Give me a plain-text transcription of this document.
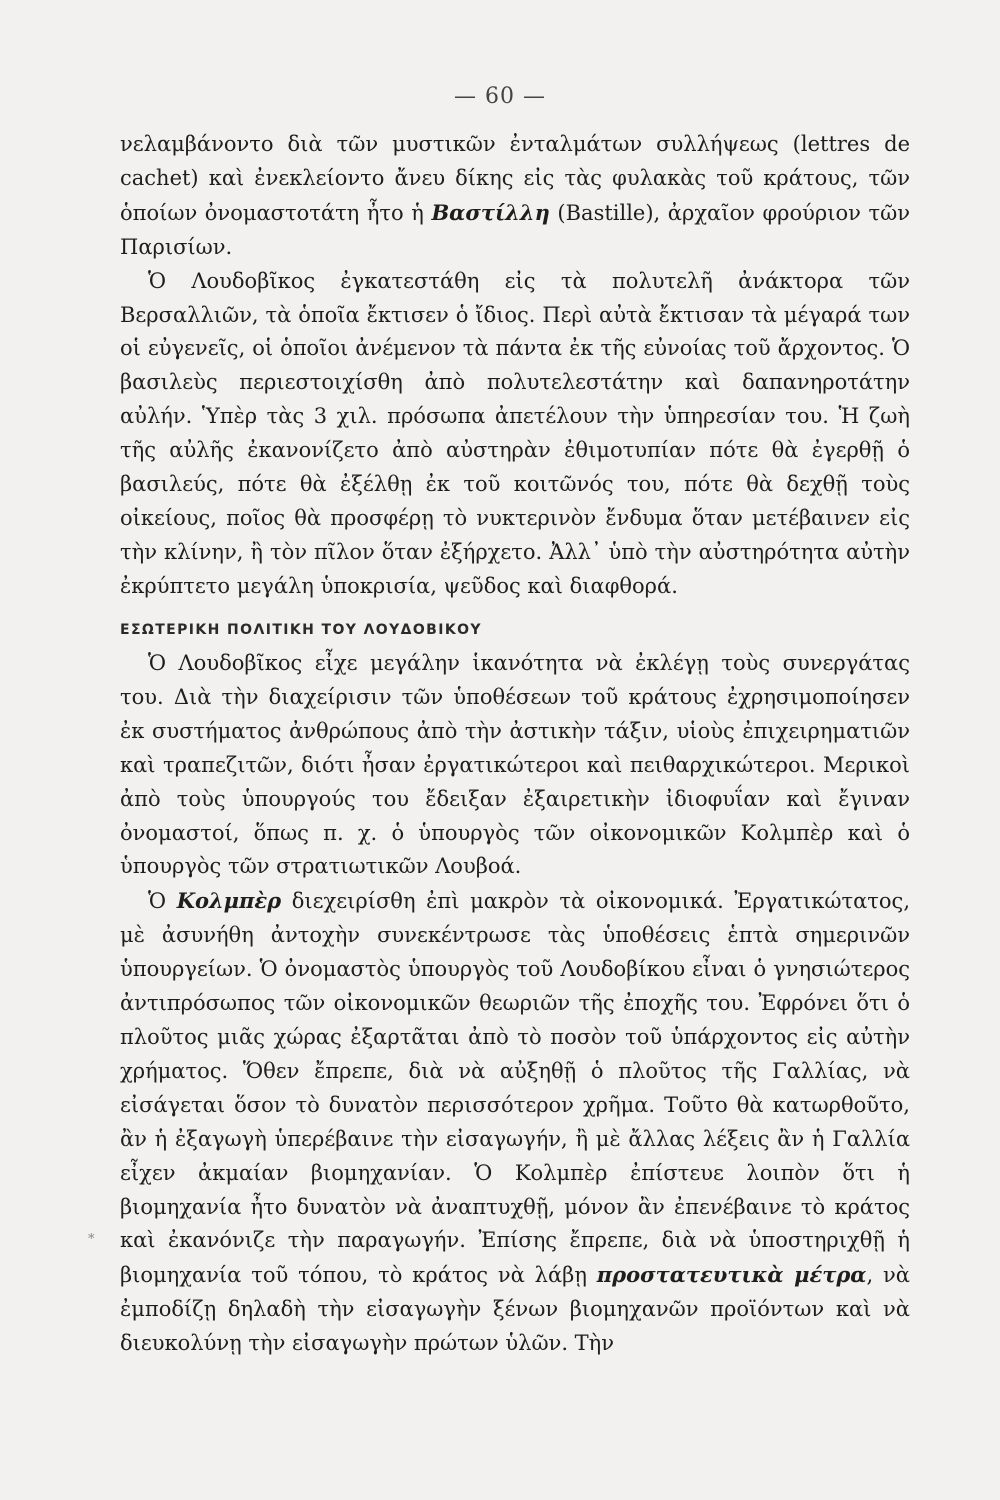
— 60 —

νελαμβάνοντο διὰ τῶν μυστικῶν ἐνταλμάτων συλλήψεως (lettres de cachet) καὶ ἐνεκλείοντο ἄνευ δίκης εἰς τὰς φυλακὰς τοῦ κράτους, τῶν ὁποίων ὀνομαστοτάτη ἦτο ἡ Βαστίλλη (Bastille), ἀρχαῖον φρούριον τῶν Παρισίων.

Ὁ Λουδοβῖκος ἐγκατεστάθη εἰς τὰ πολυτελῆ ἀνάκτορα τῶν Βερσαλλιῶν, τὰ ὁποῖα ἔκτισεν ὁ ἴδιος. Περὶ αὐτὰ ἔκτισαν τὰ μέγαρά των οἱ εὐγενεῖς, οἱ ὁποῖοι ἀνέμενον τὰ πάντα ἐκ τῆς εὐνοίας τοῦ ἄρχοντος. Ὁ βασιλεὺς περιεστοιχίσθη ἀπὸ πολυτελεστάτην καὶ δαπανηροτάτην αὐλήν. Ὑπὲρ τὰς 3 χιλ. πρόσωπα ἀπετέλουν τὴν ὑπηρεσίαν του. Ἡ ζωὴ τῆς αὐλῆς ἐκανονίζετο ἀπὸ αὐστηρὰν ἐθιμοτυπίαν πότε θὰ ἐγερθῇ ὁ βασιλεύς, πότε θὰ ἐξέλθῃ ἐκ τοῦ κοιτῶνός του, πότε θὰ δεχθῇ τοὺς οἰκείους, ποῖος θὰ προσφέρῃ τὸ νυκτερινὸν ἔνδυμα ὅταν μετέβαινεν εἰς τὴν κλίνην, ἢ τὸν πῖλον ὅταν ἐξήρχετο. Ἀλλ᾽ ὑπὸ τὴν αὐστηρότητα αὐτὴν ἐκρύπτετο μεγάλη ὑποκρισία, ψεῦδος καὶ διαφθορά.

ΕΣΩΤΕΡΙΚΗ ΠΟΛΙΤΙΚΗ ΤΟΥ ΛΟΥΔΟΒΙΚΟΥ

Ὁ Λουδοβῖκος εἶχε μεγάλην ἱκανότητα νὰ ἐκλέγῃ τοὺς συνεργάτας του. Διὰ τὴν διαχείρισιν τῶν ὑποθέσεων τοῦ κράτους ἐχρησιμοποίησεν ἐκ συστήματος ἀνθρώπους ἀπὸ τὴν ἀστικὴν τάξιν, υἱοὺς ἐπιχειρηματιῶν καὶ τραπεζιτῶν, διότι ἦσαν ἐργατικώτεροι καὶ πειθαρχικώτεροι. Μερικοὶ ἀπὸ τοὺς ὑπουργούς του ἔδειξαν ἐξαιρετικὴν ἰδιοφυΐαν καὶ ἔγιναν ὀνομαστοί, ὅπως π. χ. ὁ ὑπουργὸς τῶν οἰκονομικῶν Κολμπὲρ καὶ ὁ ὑπουργὸς τῶν στρατιωτικῶν Λουβοά.

Ὁ Κολμπὲρ διεχειρίσθη ἐπὶ μακρὸν τὰ οἰκονομικά. Ἐργατικώτατος, μὲ ἀσυνήθη ἀντοχὴν συνεκέντρωσε τὰς ὑποθέσεις ἑπτὰ σημερινῶν ὑπουργείων. Ὁ ὀνομαστὸς ὑπουργὸς τοῦ Λουδοβίκου εἶναι ὁ γνησιώτερος ἀντιπρόσωπος τῶν οἰκονομικῶν θεωριῶν τῆς ἐποχῆς του. Ἐφρόνει ὅτι ὁ πλοῦτος μιᾶς χώρας ἐξαρτᾶται ἀπὸ τὸ ποσὸν τοῦ ὑπάρχοντος εἰς αὐτὴν χρήματος. Ὅθεν ἔπρεπε, διὰ νὰ αὐξηθῇ ὁ πλοῦτος τῆς Γαλλίας, νὰ εἰσάγεται ὅσον τὸ δυνατὸν περισσότερον χρῆμα. Τοῦτο θὰ κατωρθοῦτο, ἂν ἡ ἐξαγωγὴ ὑπερέβαινε τὴν εἰσαγωγήν, ἢ μὲ ἄλλας λέξεις ἂν ἡ Γαλλία εἶχεν ἀκμαίαν βιομηχανίαν. Ὁ Κολμπὲρ ἐπίστευε λοιπὸν ὅτι ἡ βιομηχανία ἦτο δυνατὸν νὰ ἀναπτυχθῇ, μόνον ἂν ἐπενέβαινε τὸ κράτος καὶ ἐκανόνιζε τὴν παραγωγήν. Ἐπίσης ἔπρεπε, διὰ νὰ ὑποστηριχθῇ ἡ βιομηχανία τοῦ τόπου, τὸ κράτος νὰ λάβῃ προστατευτικὰ μέτρα, νὰ ἐμποδίζῃ δηλαδὴ τὴν εἰσαγωγὴν ξένων βιομηχανῶν προϊόντων καὶ νὰ διευκολύνῃ τὴν εἰσαγωγὴν πρώτων ὑλῶν. Τὴν

*
